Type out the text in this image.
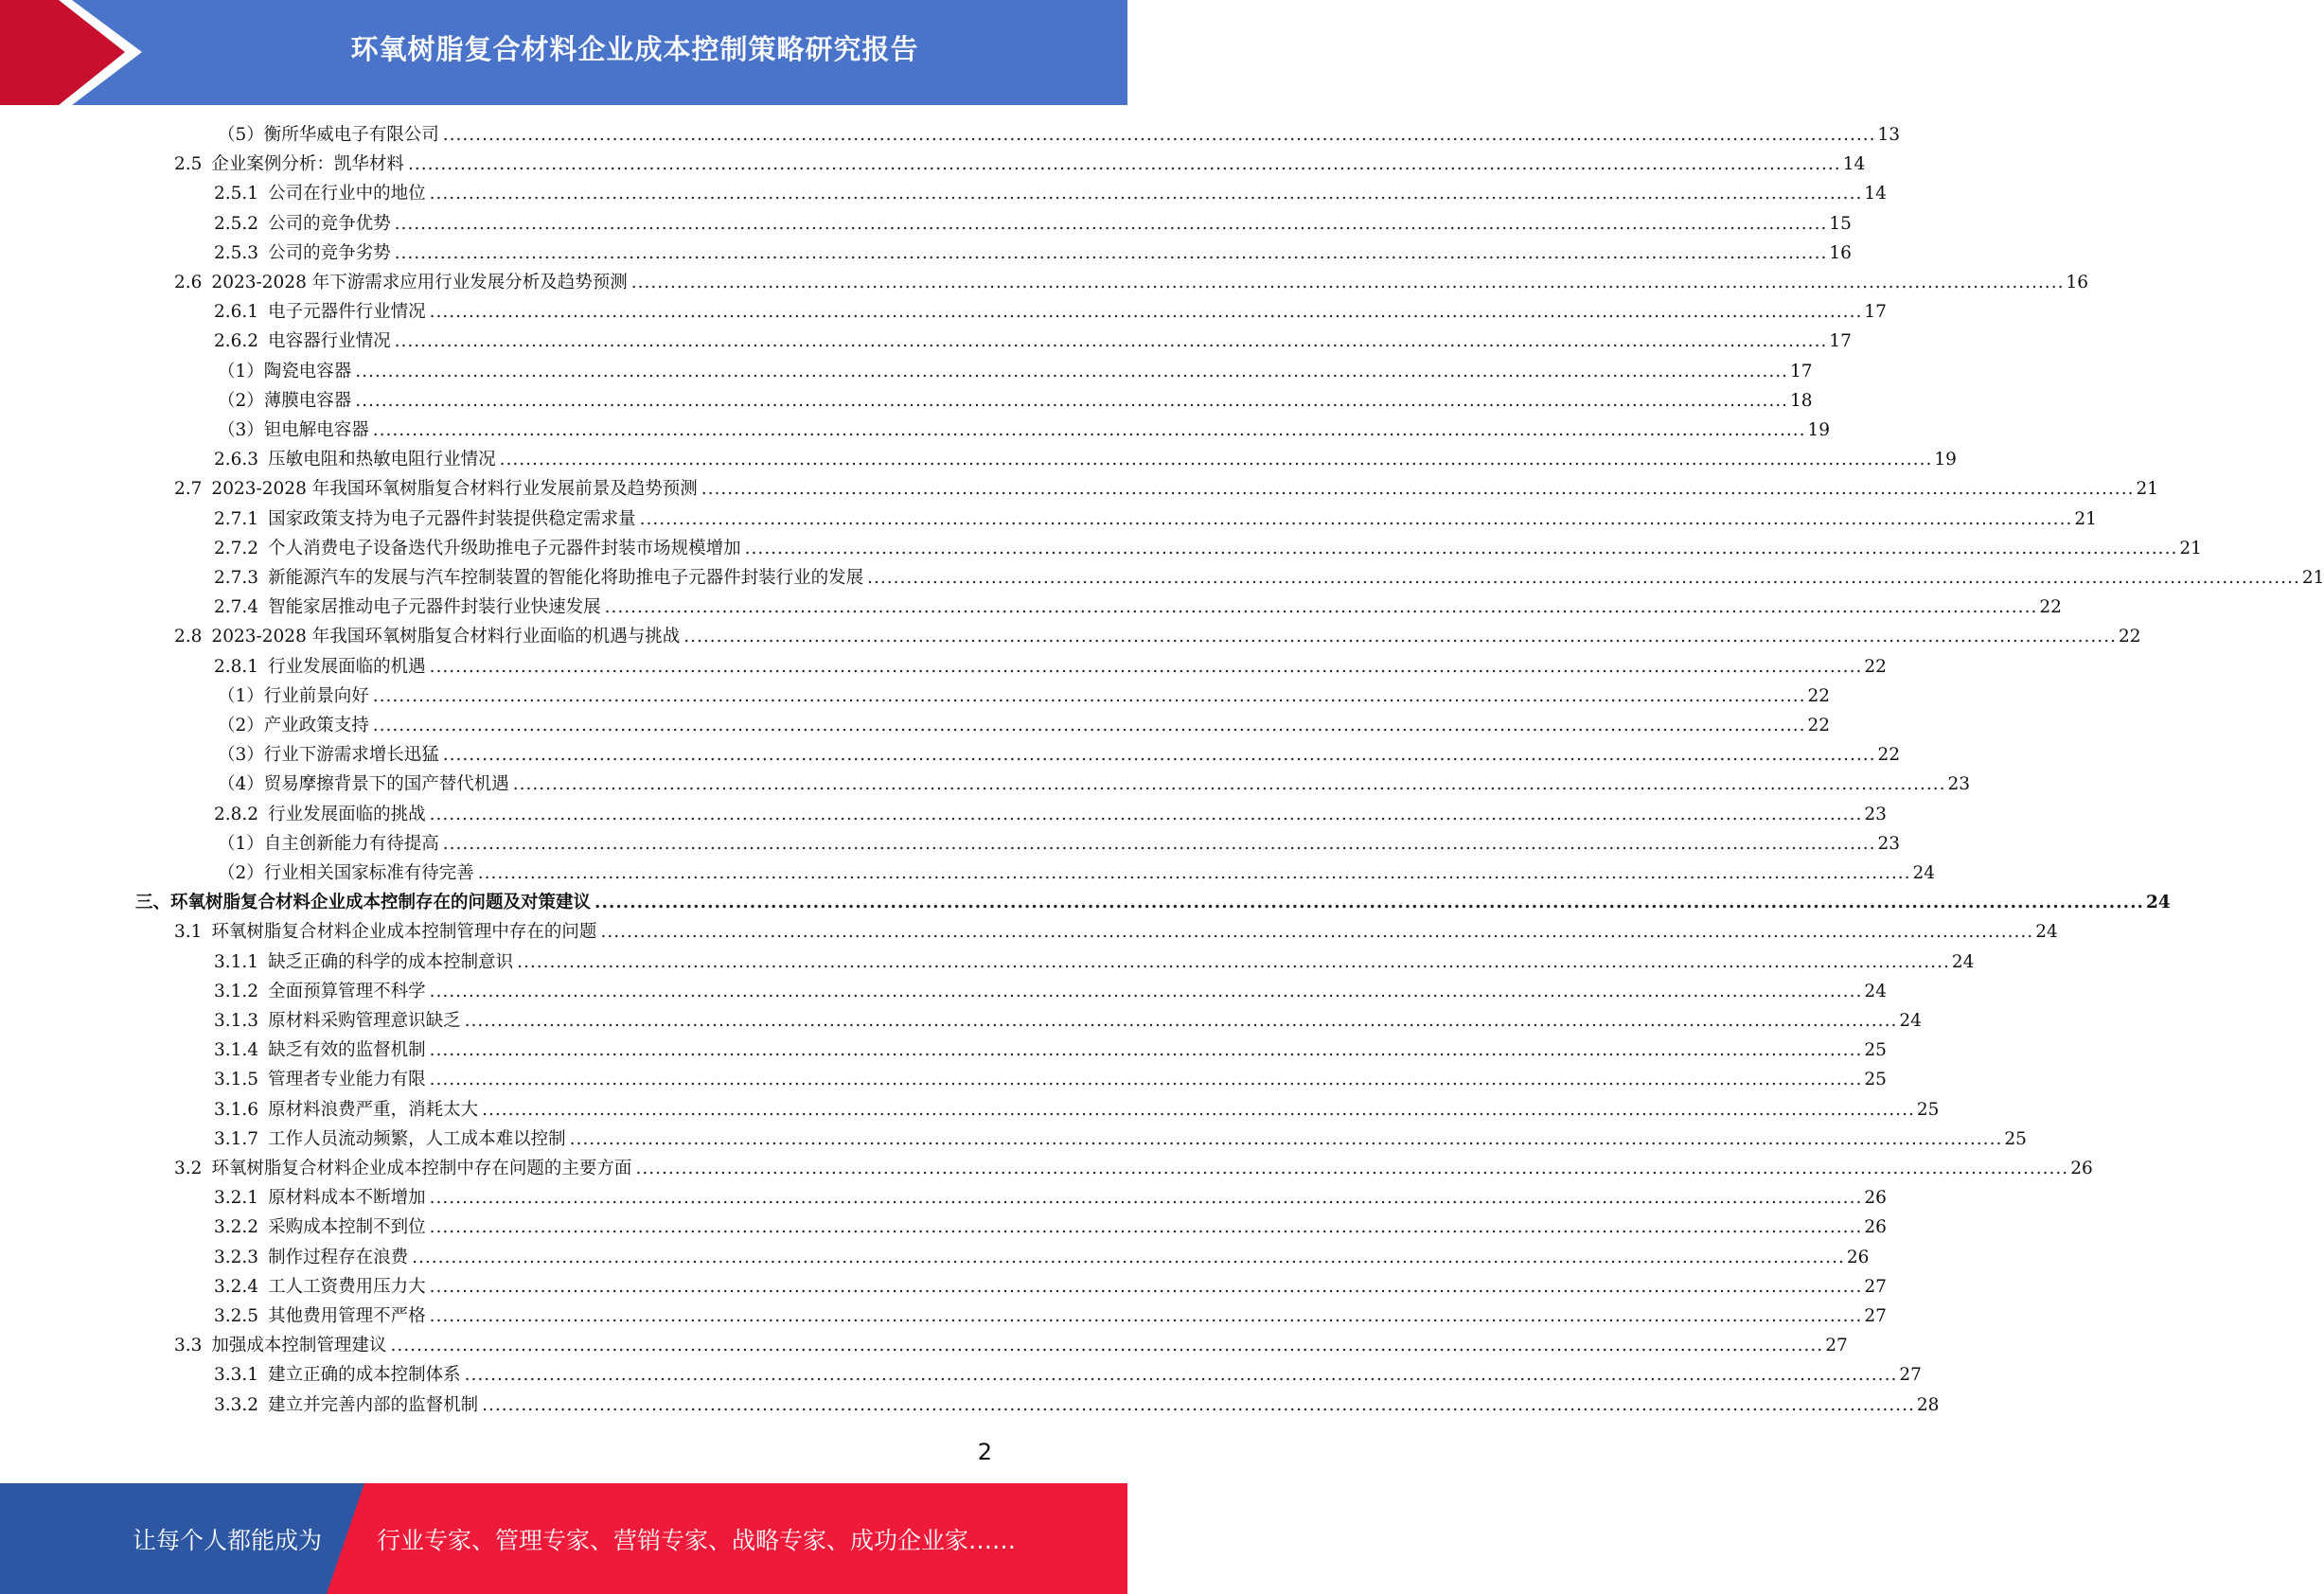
环氧树脂复合材料企业成本控制策略研究报告
（5）衡所华威电子有限公司 ............................................................................................................................................................................................................................ 13
2.5 企业案例分析：凯华材料 ............................................................................................................................................................................................................................ 14
2.5.1 公司在行业中的地位 ............................................................................................................................................................................................................................ 14
2.5.2 公司的竞争优势 ............................................................................................................................................................................................................................ 15
2.5.3 公司的竞争劣势 ............................................................................................................................................................................................................................ 16
2.6 2023-2028 年下游需求应用行业发展分析及趋势预测 ............................................................................................................................................................................................................................ 16
2.6.1 电子元器件行业情况 ............................................................................................................................................................................................................................ 17
2.6.2 电容器行业情况 ............................................................................................................................................................................................................................ 17
（1）陶瓷电容器 ............................................................................................................................................................................................................................ 17
（2）薄膜电容器 ............................................................................................................................................................................................................................ 18
（3）钽电解电容器 ............................................................................................................................................................................................................................ 19
2.6.3 压敏电阻和热敏电阻行业情况 ............................................................................................................................................................................................................................ 19
2.7 2023-2028 年我国环氧树脂复合材料行业发展前景及趋势预测 ............................................................................................................................................................................................................................ 21
2.7.1 国家政策支持为电子元器件封装提供稳定需求量 ............................................................................................................................................................................................................................ 21
2.7.2 个人消费电子设备迭代升级助推电子元器件封装市场规模增加 ............................................................................................................................................................................................................................ 21
2.7.3 新能源汽车的发展与汽车控制装置的智能化将助推电子元器件封装行业的发展 ............................................................................................................................................................................................................................ 21
2.7.4 智能家居推动电子元器件封装行业快速发展 ............................................................................................................................................................................................................................ 22
2.8 2023-2028 年我国环氧树脂复合材料行业面临的机遇与挑战 ............................................................................................................................................................................................................................ 22
2.8.1 行业发展面临的机遇 ............................................................................................................................................................................................................................ 22
（1）行业前景向好 ............................................................................................................................................................................................................................ 22
（2）产业政策支持 ............................................................................................................................................................................................................................ 22
（3）行业下游需求增长迅猛 ............................................................................................................................................................................................................................ 22
（4）贸易摩擦背景下的国产替代机遇 ............................................................................................................................................................................................................................ 23
2.8.2 行业发展面临的挑战 ............................................................................................................................................................................................................................ 23
（1）自主创新能力有待提高 ............................................................................................................................................................................................................................ 23
（2）行业相关国家标准有待完善 ............................................................................................................................................................................................................................ 24
三、环氧树脂复合材料企业成本控制存在的问题及对策建议 ............................................................................................................................................................................................................................ 24
3.1 环氧树脂复合材料企业成本控制管理中存在的问题 ............................................................................................................................................................................................................................ 24
3.1.1 缺乏正确的科学的成本控制意识 ............................................................................................................................................................................................................................ 24
3.1.2 全面预算管理不科学 ............................................................................................................................................................................................................................ 24
3.1.3 原材料采购管理意识缺乏 ............................................................................................................................................................................................................................ 24
3.1.4 缺乏有效的监督机制 ............................................................................................................................................................................................................................ 25
3.1.5 管理者专业能力有限 ............................................................................................................................................................................................................................ 25
3.1.6 原材料浪费严重，消耗太大 ............................................................................................................................................................................................................................ 25
3.1.7 工作人员流动频繁，人工成本难以控制 ............................................................................................................................................................................................................................ 25
3.2 环氧树脂复合材料企业成本控制中存在问题的主要方面 ............................................................................................................................................................................................................................ 26
3.2.1 原材料成本不断增加 ............................................................................................................................................................................................................................ 26
3.2.2 采购成本控制不到位 ............................................................................................................................................................................................................................ 26
3.2.3 制作过程存在浪费 ............................................................................................................................................................................................................................ 26
3.2.4 工人工资费用压力大 ............................................................................................................................................................................................................................ 27
3.2.5 其他费用管理不严格 ............................................................................................................................................................................................................................ 27
3.3 加强成本控制管理建议 ............................................................................................................................................................................................................................ 27
3.3.1 建立正确的成本控制体系 ............................................................................................................................................................................................................................ 27
3.3.2 建立并完善内部的监督机制 ............................................................................................................................................................................................................................ 28
2
让每个人都能成为 行业专家、管理专家、营销专家、战略专家、成功企业家……
